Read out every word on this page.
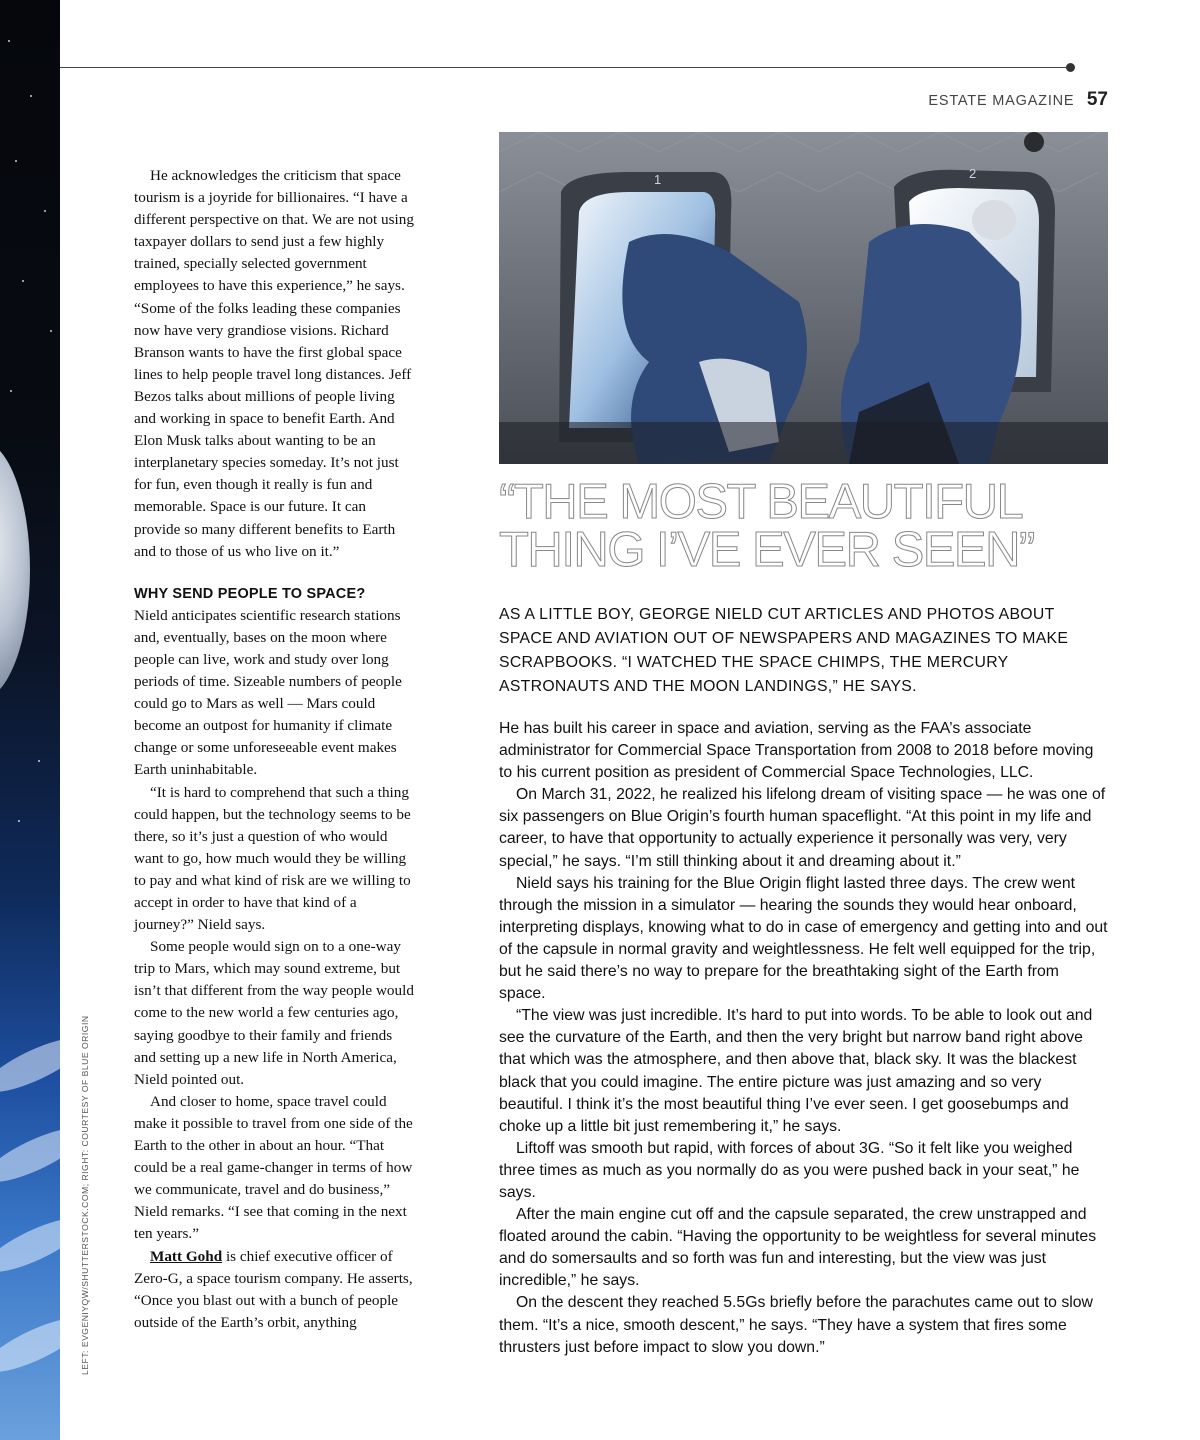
LEFT: EVGENIYQW/SHUTTERSTOCK.COM; RIGHT: COURTESY OF BLUE ORIGIN
ESTATE MAGAZINE 57

He acknowledges the criticism that space tourism is a joyride for billionaires. “I have a different perspective on that. We are not using taxpayer dollars to send just a few highly trained, specially selected government employees to have this experience,” he says. “Some of the folks leading these companies now have very grandiose visions. Richard Branson wants to have the first global space lines to help people travel long distances. Jeff Bezos talks about millions of people living and working in space to benefit Earth. And Elon Musk talks about wanting to be an interplanetary species someday. It’s not just for fun, even though it really is fun and memorable. Space is our future. It can provide so many different benefits to Earth and to those of us who live on it.”

WHY SEND PEOPLE TO SPACE?

Nield anticipates scientific research stations and, eventually, bases on the moon where people can live, work and study over long periods of time. Sizeable numbers of people could go to Mars as well — Mars could become an outpost for humanity if climate change or some unforeseeable event makes Earth uninhabitable.

“It is hard to comprehend that such a thing could happen, but the technology seems to be there, so it’s just a question of who would want to go, how much would they be willing to pay and what kind of risk are we willing to accept in order to have that kind of a journey?” Nield says.

Some people would sign on to a one-way trip to Mars, which may sound extreme, but isn’t that different from the way people would come to the new world a few centuries ago, saying goodbye to their family and friends and setting up a new life in North America, Nield pointed out.

And closer to home, space travel could make it possible to travel from one side of the Earth to the other in about an hour. “That could be a real game-changer in terms of how we communicate, travel and do business,” Nield remarks. “I see that coming in the next ten years.”

Matt Gohd is chief executive officer of Zero-G, a space tourism company. He asserts, “Once you blast out with a bunch of people outside of the Earth’s orbit, anything

1	2
“THE MOST BEAUTIFUL THING I’VE EVER SEEN”
AS A LITTLE BOY, GEORGE NIELD CUT ARTICLES AND PHOTOS ABOUT SPACE AND AVIATION OUT OF NEWSPAPERS AND MAGAZINES TO MAKE SCRAPBOOKS. “I WATCHED THE SPACE CHIMPS, THE MERCURY ASTRONAUTS AND THE MOON LANDINGS,” HE SAYS.

He has built his career in space and aviation, serving as the FAA’s associate administrator for Commercial Space Transportation from 2008 to 2018 before moving to his current position as president of Commercial Space Technologies, LLC.

On March 31, 2022, he realized his lifelong dream of visiting space — he was one of six passengers on Blue Origin’s fourth human spaceflight. “At this point in my life and career, to have that opportunity to actually experience it personally was very, very special,” he says. “I’m still thinking about it and dreaming about it.”

Nield says his training for the Blue Origin flight lasted three days. The crew went through the mission in a simulator — hearing the sounds they would hear onboard, interpreting displays, knowing what to do in case of emergency and getting into and out of the capsule in normal gravity and weightlessness. He felt well equipped for the trip, but he said there’s no way to prepare for the breathtaking sight of the Earth from space.

“The view was just incredible. It’s hard to put into words. To be able to look out and see the curvature of the Earth, and then the very bright but narrow band right above that which was the atmosphere, and then above that, black sky. It was the blackest black that you could imagine. The entire picture was just amazing and so very beautiful. I think it’s the most beautiful thing I’ve ever seen. I get goosebumps and choke up a little bit just remembering it,” he says.

Liftoff was smooth but rapid, with forces of about 3G. “So it felt like you weighed three times as much as you normally do as you were pushed back in your seat,” he says.

After the main engine cut off and the capsule separated, the crew unstrapped and floated around the cabin. “Having the opportunity to be weightless for several minutes and do somersaults and so forth was fun and interesting, but the view was just incredible,” he says.

On the descent they reached 5.5Gs briefly before the parachutes came out to slow them. “It’s a nice, smooth descent,” he says. “They have a system that fires some thrusters just before impact to slow you down.”
